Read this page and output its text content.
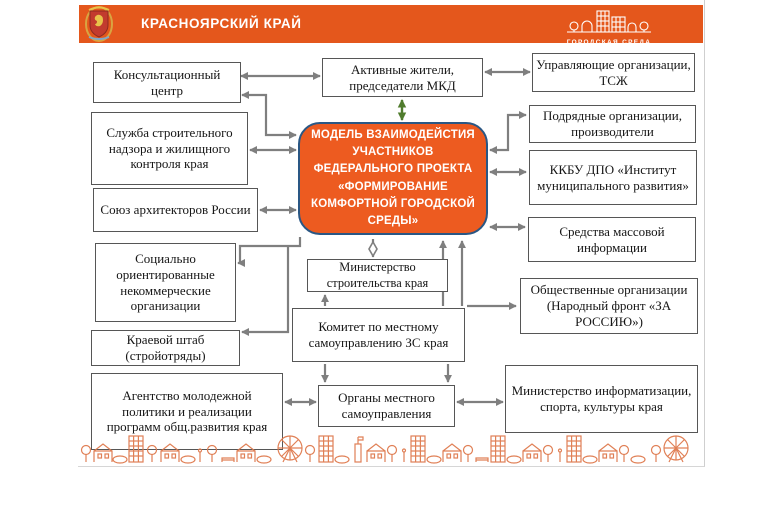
КРАСНОЯРСКИЙ КРАЙ
ГОРОДСКАЯ СРЕДА
Консультационный центр
Служба строительного надзора и жилищного контроля края
Союз архитекторов России
Социально ориентированные некоммерческие организации
Краевой штаб (стройотряды)
Агентство молодежной политики и реализации программ общ.развития края
Активные жители, председатели МКД
Управляющие организации, ТСЖ
Подрядные организации, производители
ККБУ ДПО «Институт муниципального развития»
Средства массовой информации
Общественные организации (Народный фронт «ЗА РОССИЮ»)
Министерство информатизации, спорта, культуры края
Министерство строительства края
Комитет по местному самоуправлению ЗС края
Органы местного самоуправления
МОДЕЛЬ ВЗАИМОДЕЙСТИЯ УЧАСТНИКОВ ФЕДЕРАЛЬНОГО ПРОЕКТА «ФОРМИРОВАНИЕ КОМФОРТНОЙ ГОРОДСКОЙ СРЕДЫ»
